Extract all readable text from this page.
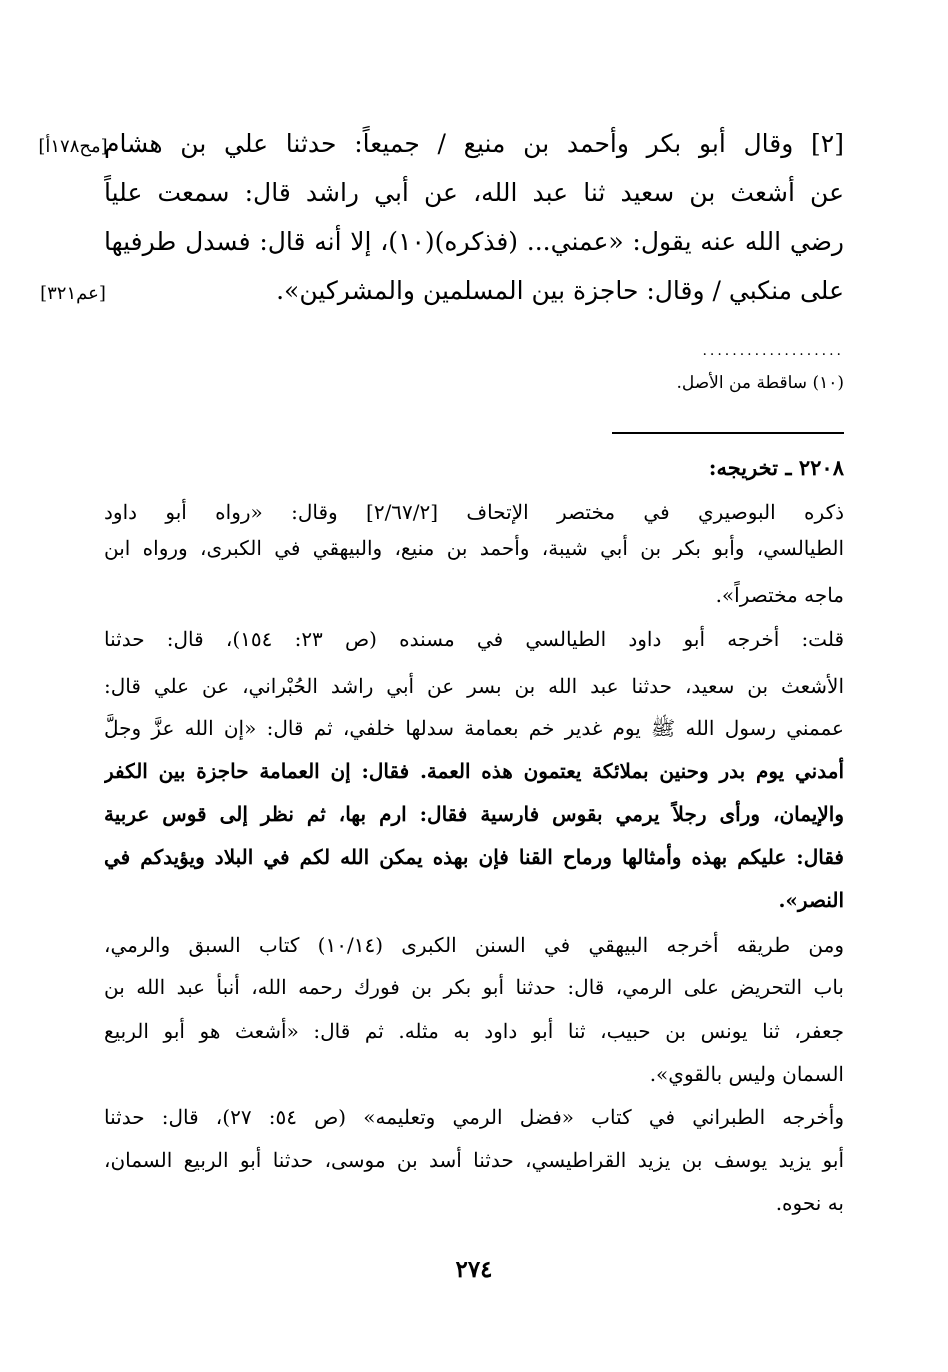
[مح١٧٨أ]
[عم٣٢١]
[٢] وقال أبو بكر وأحمد بن منيع / جميعاً: حدثنا علي بن هشام
عن أشعث بن سعيد ثنا عبد الله، عن أبي راشد قال: سمعت علياً
رضي الله عنه يقول: «عمني... (فذكره)(١٠)، إلا أنه قال: فسدل طرفيها
على منكبي / وقال: حاجزة بين المسلمين والمشركين».
...................
(١٠) ساقطة من الأصل.
٢٢٠٨ ـ تخريجه:
ذكره البوصيري في مختصر الإتحاف [٢/٦٧/٢] وقال: «رواه أبو داود
الطيالسي، وأبو بكر بن أبي شيبة، وأحمد بن منيع، والبيهقي في الكبرى، ورواه ابن
ماجه مختصراً».
قلت: أخرجه أبو داود الطيالسي في مسنده (ص ٢٣: ١٥٤)، قال: حدثنا
الأشعث بن سعيد، حدثنا عبد الله بن بسر عن أبي راشد الحُبْراني، عن علي قال:
عممني رسول الله ﷺ يوم غدير خم بعمامة سدلها خلفي، ثم قال: «إن الله عزَّ وجلَّ
أمدني يوم بدر وحنين بملائكة يعتمون هذه العمة. فقال: إن العمامة حاجزة بين الكفر
والإيمان، ورأى رجلاً يرمي بقوس فارسية فقال: ارم بها، ثم نظر إلى قوس عربية
فقال: عليكم بهذه وأمثالها ورماح القنا فإن بهذه يمكن الله لكم في البلاد ويؤيدكم في
النصر».
ومن طريقه أخرجه البيهقي في السنن الكبرى (١٠/١٤) كتاب السبق والرمي،
باب التحريض على الرمي، قال: حدثنا أبو بكر بن فورك رحمه الله، أنبأ عبد الله بن
جعفر، ثنا يونس بن حبيب، ثنا أبو داود به مثله. ثم قال: «أشعث هو أبو الربيع
السمان وليس بالقوي».
وأخرجه الطبراني في كتاب «فضل الرمي وتعليمه» (ص ٥٤: ٢٧)، قال: حدثنا
أبو يزيد يوسف بن يزيد القراطيسي، حدثنا أسد بن موسى، حدثنا أبو الربيع السمان،
به نحوه.
٢٧٤
